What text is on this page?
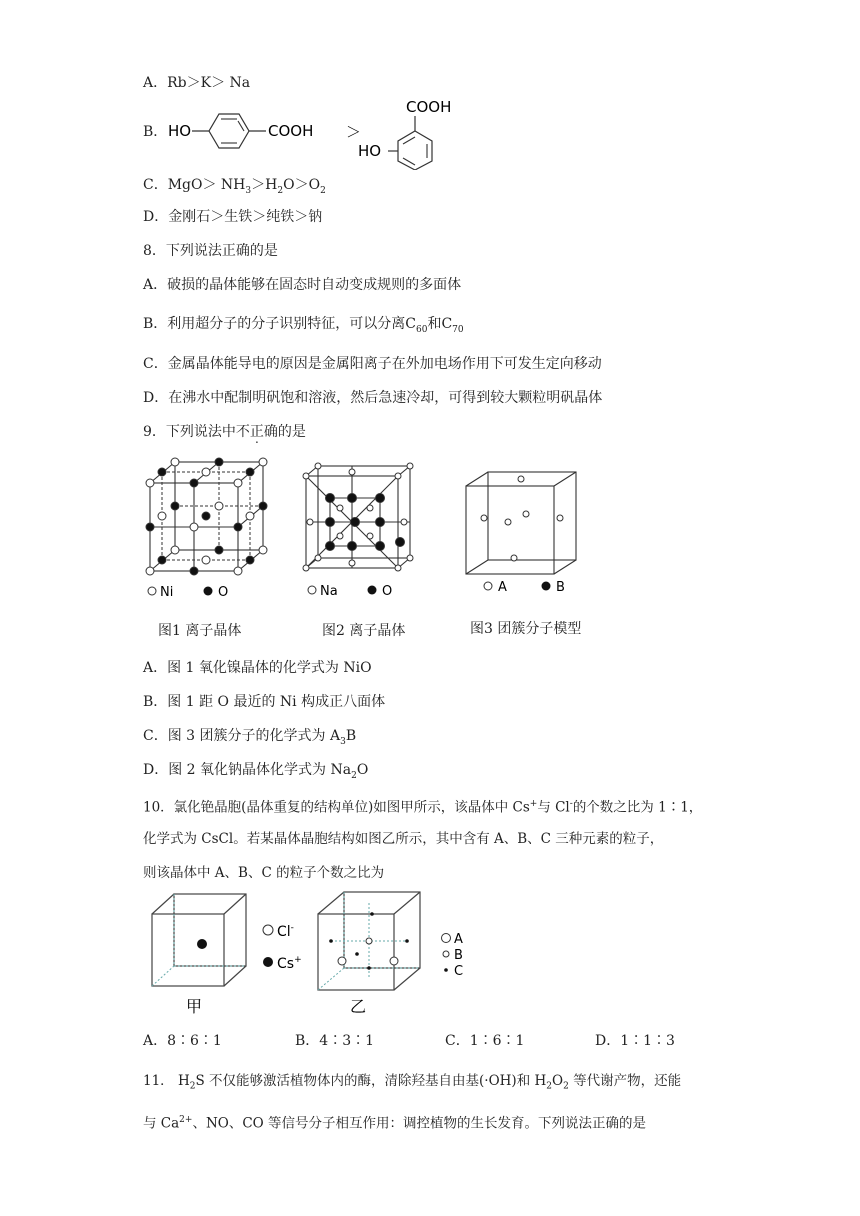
A．Rb＞K＞ Na
B． HO	COOH ＞
COOH
HO
C．$MgO> NH_3>H_2O>O_2$
D．金刚石＞生铁＞纯铁＞钠
8．下列说法正确的是
A．破损的晶体能够在固态时自动变成规则的多面体
B．利用超分子的分子识别特征，可以分离$C_{60}$和$C_{70}$
C．金属晶体能导电的原因是金属阳离子在外加电场作用下可发生定向移动
D．在沸水中配制明矾饱和溶液，然后急速冷却，可得到较大颗粒明矾晶体
9．下列说法中不正确的是
Ni	O
图1 离子晶体
Na	O
图2 离子晶体
A	B
图3 团簇分子模型
A．图 1 氧化镍晶体的化学式为 NiO
B．图 1 距 O 最近的 Ni 构成正八面体
C．图 3 团簇分子的化学式为 $A_3B$
D．图 2 氧化钠晶体化学式为 $Na_2O$
10．氯化铯晶胞(晶体重复的结构单位)如图甲所示，该晶体中 Cs+与 Cl-的个数之比为 1∶1，
化学式为 CsCl。若某晶体晶胞结构如图乙所示，其中含有 A、B、C 三种元素的粒子，
则该晶体中 A、B、C 的粒子个数之比为
Cl-
Cs+
甲
A
B
C
乙
A．8∶6∶1	B．4∶3∶1	C．1∶6∶1	D．1∶1∶3
11． $H_2S$ 不仅能够激活植物体内的酶，清除羟基自由基(·OH)和 $H_2O_2$ 等代谢产物，还能
与 $Ca^{2+}$、NO、CO 等信号分子相互作用：调控植物的生长发育。下列说法正确的是
